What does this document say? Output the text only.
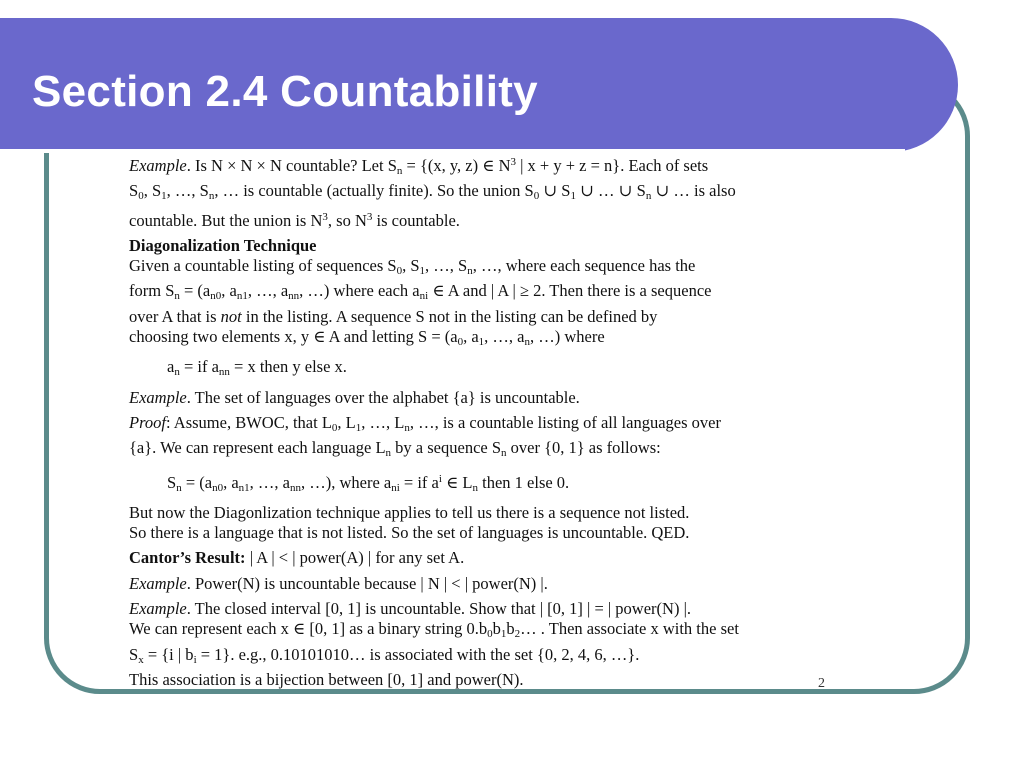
Section 2.4 Countability

Example. Is N × N × N countable? Let $S_n = \{(x$, y, z) ∈ $N^3$ | x + y + z = n}. Each of sets

$S_0$, $S_1$, …, $S_n$, … is countable (actually finite). So the union $S_0$ ∪ $S_1$ ∪ … ∪ $S_n$ ∪ … is also

countable. But the union is $N^3$, so $N^3$ is countable.

Diagonalization Technique

Given a countable listing of sequences $S_0$, $S_1$, …, $S_n$, …, where each sequence has the

form $S_n = (a_{n0}$, $a_{n1}$, …, $a_{nn}$, …) where each $a_{ni}$ ∈ A and | A | ≥ 2. Then there is a sequence

over A that is not in the listing. A sequence S not in the listing can be defined by

choosing two elements x, y ∈ A and letting $S = (a_0$, $a_1$, …, $a_n$, …) where

$a_n$ = if $a_{nn} = x$ then y else x.

Example. The set of languages over the alphabet {a} is uncountable.

Proof: Assume, BWOC, that $L_0$, $L_1$, …, $L_n$, …, is a countable listing of all languages over

{a}. We can represent each language $L_n$ by a sequence $S_n$ over {0, 1} as follows:

$S_n = (a_{n0}$, $a_{n1}$, …, $a_{nn}$, …), where $a_{ni}$ = if $a^i$ ∈ $L_n$ then 1 else 0.

But now the Diagonlization technique applies to tell us there is a sequence not listed.

So there is a language that is not listed. So the set of languages is uncountable. QED.

Cantor’s Result: | A | < | power(A) | for any set A.

Example. Power(N) is uncountable because | N | < | power(N) |.

Example. The closed interval [0, 1] is uncountable. Show that | [0, 1] | = | power(N) |.

We can represent each x ∈ [0, 1] as a binary string $0.b_0b_1b_2\dots$ . Then associate x with the set

$S_x = \{i$ | $b_i = 1$}. e.g., 0.10101010… is associated with the set {0, 2, 4, 6, …}.

This association is a bijection between [0, 1] and power(N).	2
